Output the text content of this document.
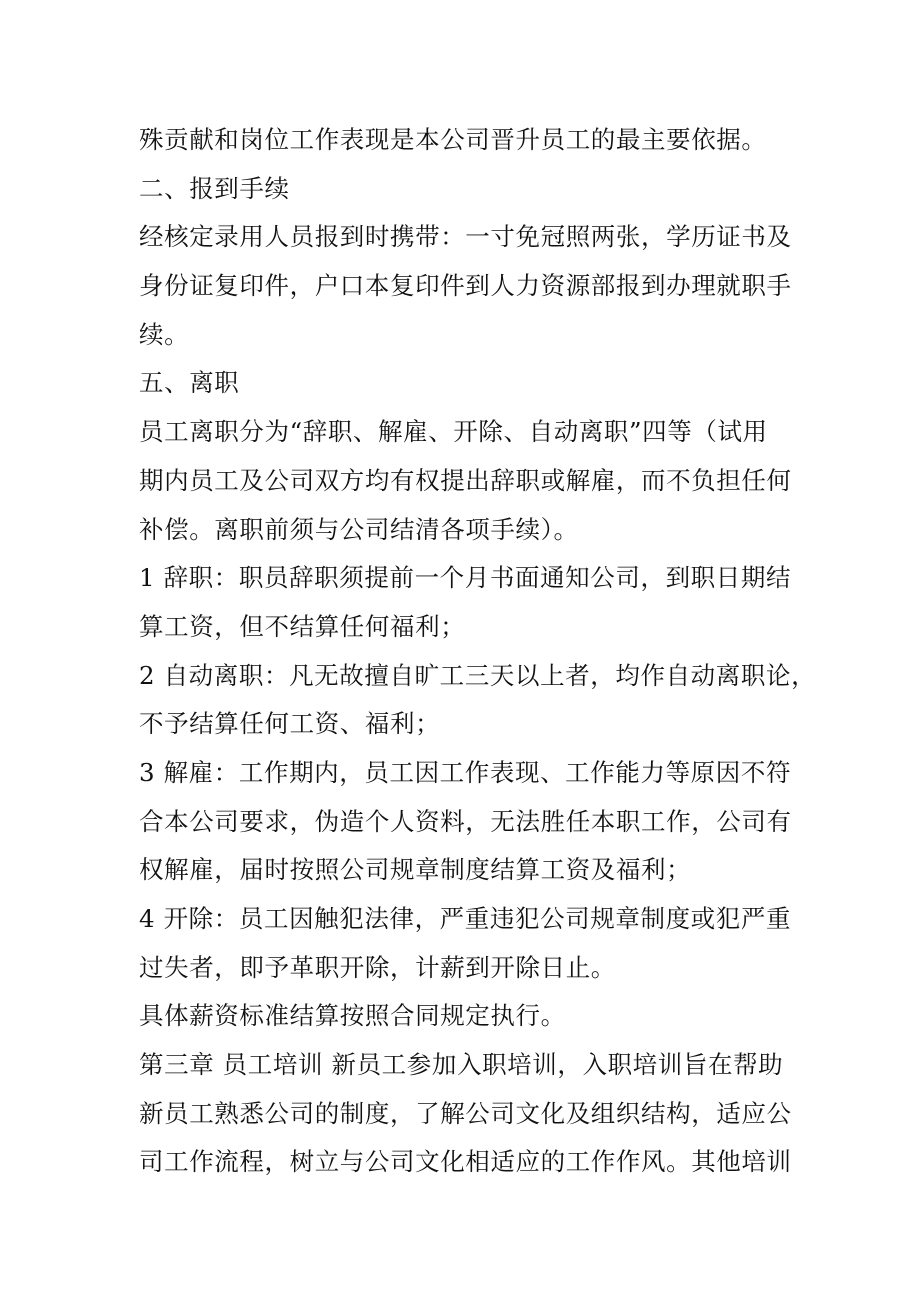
殊贡献和岗位工作表现是本公司晋升员工的最主要依据。
二、报到手续
经核定录用人员报到时携带：一寸免冠照两张，学历证书及
身份证复印件，户口本复印件到人力资源部报到办理就职手
续。
五、离职
员工离职分为“辞职、解雇、开除、自动离职”四等（试用
期内员工及公司双方均有权提出辞职或解雇，而不负担任何
补偿。离职前须与公司结清各项手续）。
1 辞职：职员辞职须提前一个月书面通知公司，到职日期结
算工资，但不结算任何福利；
2 自动离职：凡无故擅自旷工三天以上者，均作自动离职论，
不予结算任何工资、福利；
3 解雇：工作期内，员工因工作表现、工作能力等原因不符
合本公司要求，伪造个人资料，无法胜任本职工作，公司有
权解雇，届时按照公司规章制度结算工资及福利；
4 开除：员工因触犯法律，严重违犯公司规章制度或犯严重
过失者，即予革职开除，计薪到开除日止。
具体薪资标准结算按照合同规定执行。
第三章 员工培训 新员工参加入职培训，入职培训旨在帮助
新员工熟悉公司的制度，了解公司文化及组织结构，适应公
司工作流程，树立与公司文化相适应的工作作风。其他培训
